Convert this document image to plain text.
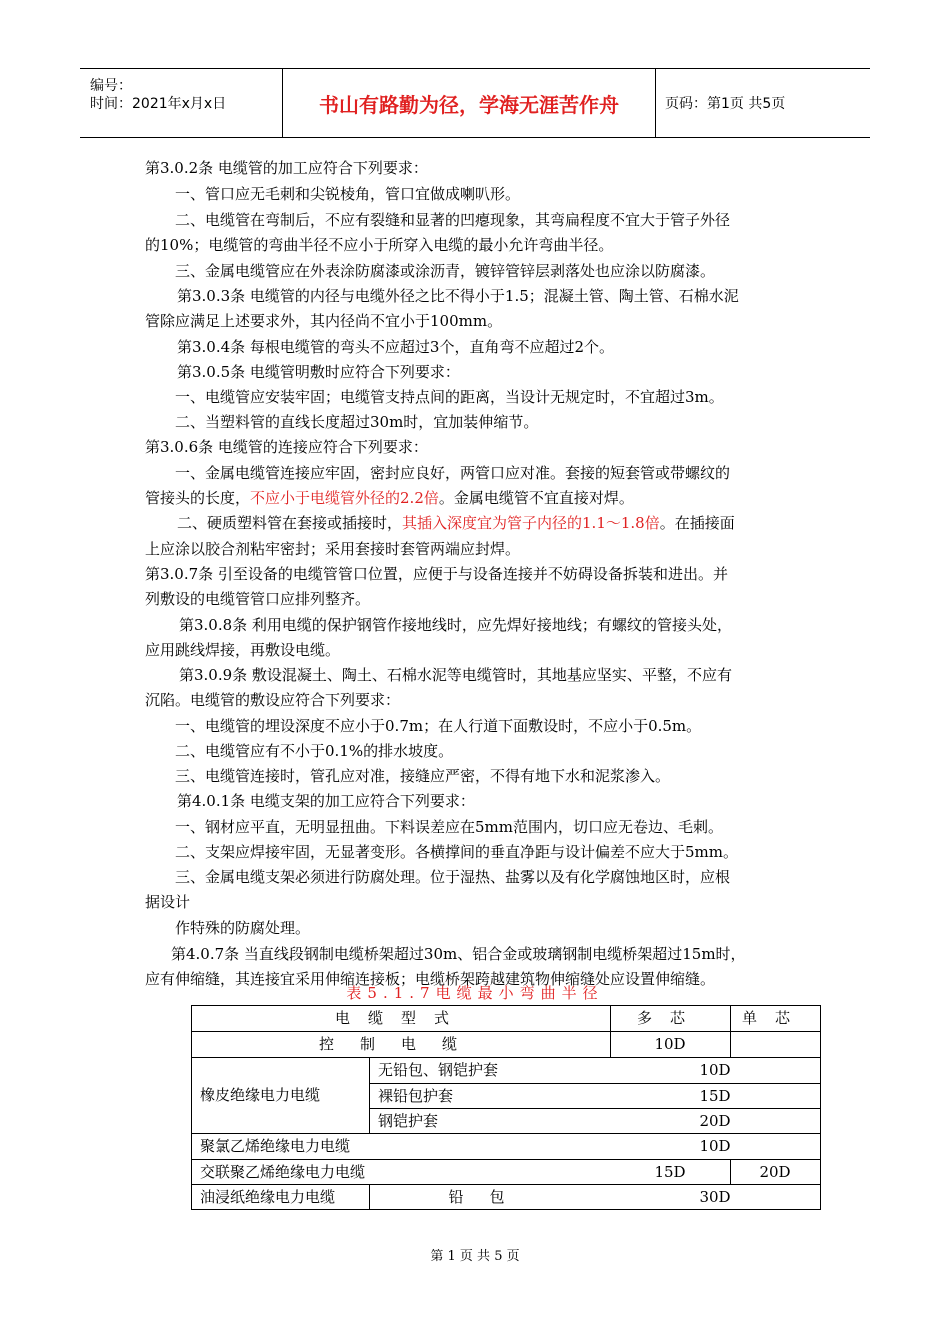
编号：
时间：2021年x月x日	书山有路勤为径，学海无涯苦作舟	页码：第1页 共5页
第3.0.2条 电缆管的加工应符合下列要求：
一、管口应无毛刺和尖锐棱角，管口宜做成喇叭形。
二、电缆管在弯制后，不应有裂缝和显著的凹瘪现象，其弯扁程度不宜大于管子外径
的10%；电缆管的弯曲半径不应小于所穿入电缆的最小允许弯曲半径。
三、金属电缆管应在外表涂防腐漆或涂沥青，镀锌管锌层剥落处也应涂以防腐漆。
第3.0.3条 电缆管的内径与电缆外径之比不得小于1.5；混凝土管、陶土管、石棉水泥
管除应满足上述要求外，其内径尚不宜小于100mm。
第3.0.4条 每根电缆管的弯头不应超过3个，直角弯不应超过2个。
第3.0.5条 电缆管明敷时应符合下列要求：
一、电缆管应安装牢固；电缆管支持点间的距离，当设计无规定时，不宜超过3m。
二、当塑料管的直线长度超过30m时，宜加装伸缩节。
第3.0.6条 电缆管的连接应符合下列要求：
一、金属电缆管连接应牢固，密封应良好，两管口应对准。套接的短套管或带螺纹的
管接头的长度，不应小于电缆管外径的2.2倍。金属电缆管不宜直接对焊。
二、硬质塑料管在套接或插接时，其插入深度宜为管子内径的1.1～1.8倍。在插接面
上应涂以胶合剂粘牢密封；采用套接时套管两端应封焊。
第3.0.7条 引至设备的电缆管管口位置，应便于与设备连接并不妨碍设备拆装和进出。并
列敷设的电缆管管口应排列整齐。
第3.0.8条 利用电缆的保护钢管作接地线时，应先焊好接地线；有螺纹的管接头处，
应用跳线焊接，再敷设电缆。
第3.0.9条 敷设混凝土、陶土、石棉水泥等电缆管时，其地基应坚实、平整，不应有
沉陷。电缆管的敷设应符合下列要求：
一、电缆管的埋设深度不应小于0.7m；在人行道下面敷设时，不应小于0.5m。
二、电缆管应有不小于0.1%的排水坡度。
三、电缆管连接时，管孔应对准，接缝应严密，不得有地下水和泥浆渗入。
第4.0.1条 电缆支架的加工应符合下列要求：
一、钢材应平直，无明显扭曲。下料误差应在5mm范围内，切口应无卷边、毛刺。
二、支架应焊接牢固，无显著变形。各横撑间的垂直净距与设计偏差不应大于5mm。
三、金属电缆支架必须进行防腐处理。位于湿热、盐雾以及有化学腐蚀地区时，应根
据设计
作特殊的防腐处理。
第4.0.7条 当直线段钢制电缆桥架超过30m、铝合金或玻璃钢制电缆桥架超过15m时，
应有伸缩缝，其连接宜采用伸缩连接板；电缆桥架跨越建筑物伸缩缝处应设置伸缩缝。
表5.1.7电缆最小弯曲半径
电缆型式	多芯	单芯
控制电缆	10D
橡皮绝缘电力电缆
无铅包、钢铠护套	10D
裸铅包护套	15D
钢铠护套	20D
聚氯乙烯绝缘电力电缆	10D
交联聚乙烯绝缘电力电缆	15D	20D
油浸纸绝缘电力电缆	铅包	30D
第 1 页 共 5 页
